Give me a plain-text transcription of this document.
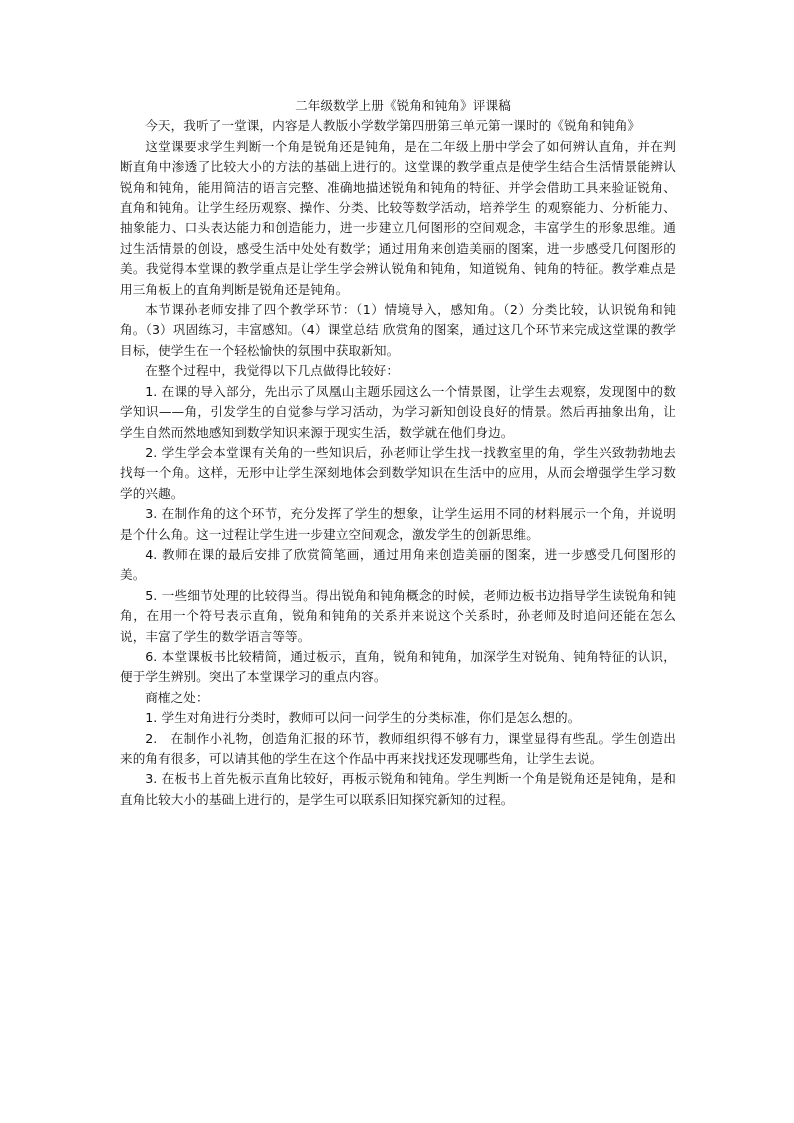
二年级数学上册《锐角和钝角》评课稿

今天，我听了一堂课，内容是人教版小学数学第四册第三单元第一课时的《锐角和钝角》

这堂课要求学生判断一个角是锐角还是钝角，是在二年级上册中学会了如何辨认直角，并在判断直角中渗透了比较大小的方法的基础上进行的。这堂课的教学重点是使学生结合生活情景能辨认锐角和钝角，能用简洁的语言完整、准确地描述锐角和钝角的特征、并学会借助工具来验证锐角、直角和钝角。让学生经历观察、操作、分类、比较等数学活动，培养学生 的观察能力、分析能力、抽象能力、口头表达能力和创造能力，进一步建立几何图形的空间观念，丰富学生的形象思维。通过生活情景的创设，感受生活中处处有数学；通过用角来创造美丽的图案，进一步感受几何图形的美。我觉得本堂课的教学重点是让学生学会辨认锐角和钝角，知道锐角、钝角的特征。教学难点是用三角板上的直角判断是锐角还是钝角。

本节课孙老师安排了四个教学环节：（1）情境导入，感知角。（2）分类比较，认识锐角和钝角。（3）巩固练习，丰富感知。（4）课堂总结 欣赏角的图案，通过这几个环节来完成这堂课的教学目标，使学生在一个轻松愉快的氛围中获取新知。

在整个过程中，我觉得以下几点做得比较好：

1. 在课的导入部分，先出示了凤凰山主题乐园这么一个情景图，让学生去观察，发现图中的数学知识——角，引发学生的自觉参与学习活动，为学习新知创设良好的情景。然后再抽象出角，让学生自然而然地感知到数学知识来源于现实生活，数学就在他们身边。

2. 学生学会本堂课有关角的一些知识后，孙老师让学生找一找教室里的角，学生兴致勃勃地去找每一个角。这样，无形中让学生深刻地体会到数学知识在生活中的应用，从而会增强学生学习数学的兴趣。

3. 在制作角的这个环节，充分发挥了学生的想象，让学生运用不同的材料展示一个角，并说明是个什么角。这一过程让学生进一步建立空间观念，激发学生的创新思维。

4. 教师在课的最后安排了欣赏简笔画，通过用角来创造美丽的图案，进一步感受几何图形的美。

5. 一些细节处理的比较得当。得出锐角和钝角概念的时候，老师边板书边指导学生读锐角和钝角，在用一个符号表示直角，锐角和钝角的关系并来说这个关系时，孙老师及时追问还能在怎么说，丰富了学生的数学语言等等。

6. 本堂课板书比较精简，通过板示，直角，锐角和钝角，加深学生对锐角、钝角特征的认识，便于学生辨别。突出了本堂课学习的重点内容。

商榷之处：

1. 学生对角进行分类时，教师可以问一问学生的分类标准，你们是怎么想的。

2.　在制作小礼物，创造角汇报的环节，教师组织得不够有力，课堂显得有些乱。学生创造出来的角有很多，可以请其他的学生在这个作品中再来找找还发现哪些角，让学生去说。

3. 在板书上首先板示直角比较好，再板示锐角和钝角。学生判断一个角是锐角还是钝角，是和直角比较大小的基础上进行的，是学生可以联系旧知探究新知的过程。
